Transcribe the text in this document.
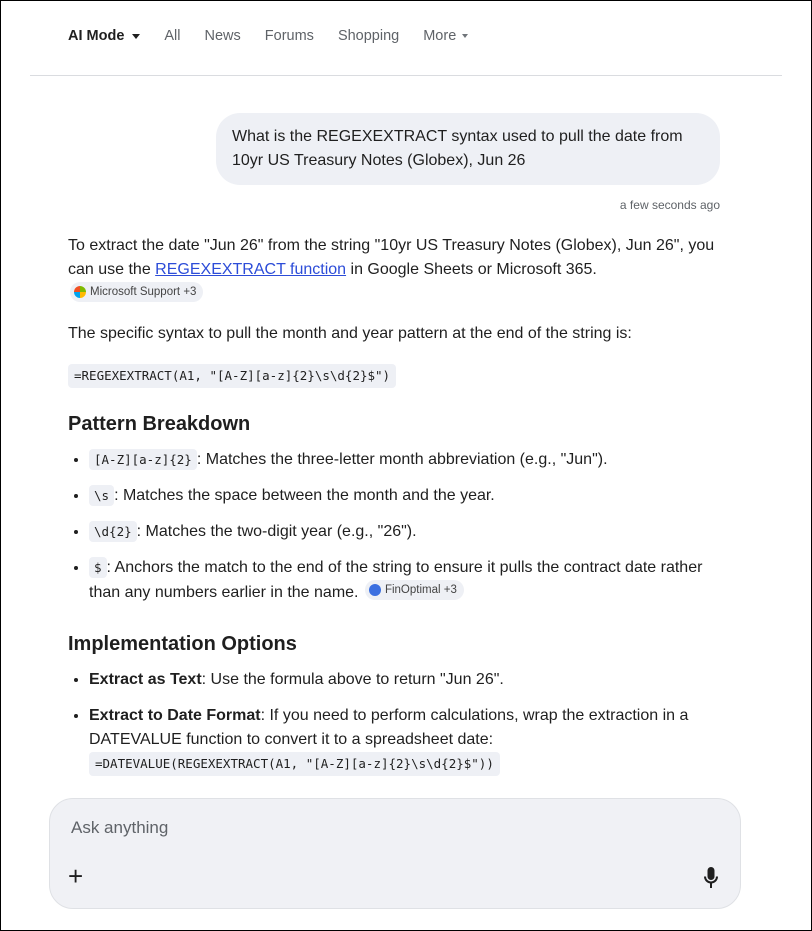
AI Mode	All News Forums Shopping More
What is the REGEXEXTRACT syntax used to pull the date from 10yr US Treasury Notes (Globex), Jun 26
a few seconds ago
To extract the date "Jun 26" from the string "10yr US Treasury Notes (Globex), Jun 26", you can use the REGEXEXTRACT function in Google Sheets or Microsoft 365.
Microsoft Support +3
The specific syntax to pull the month and year pattern at the end of the string is:
=REGEXEXTRACT(A1, "[A-Z][a-z]{2}\s\d{2}$")
Pattern Breakdown
• [A-Z][a-z]{2} : Matches the three-letter month abbreviation (e.g., "Jun").
• \s : Matches the space between the month and the year.
• \d{2} : Matches the two-digit year (e.g., "26").
• $ : Anchors the match to the end of the string to ensure it pulls the contract date rather than any numbers earlier in the name. FinOptimal +3
Implementation Options
• Extract as Text: Use the formula above to return "Jun 26".
• Extract to Date Format: If you need to perform calculations, wrap the extraction in a DATEVALUE function to convert it to a spreadsheet date:
=DATEVALUE(REGEXEXTRACT(A1, "[A-Z][a-z]{2}\s\d{2}$"))
Ask anything
+
